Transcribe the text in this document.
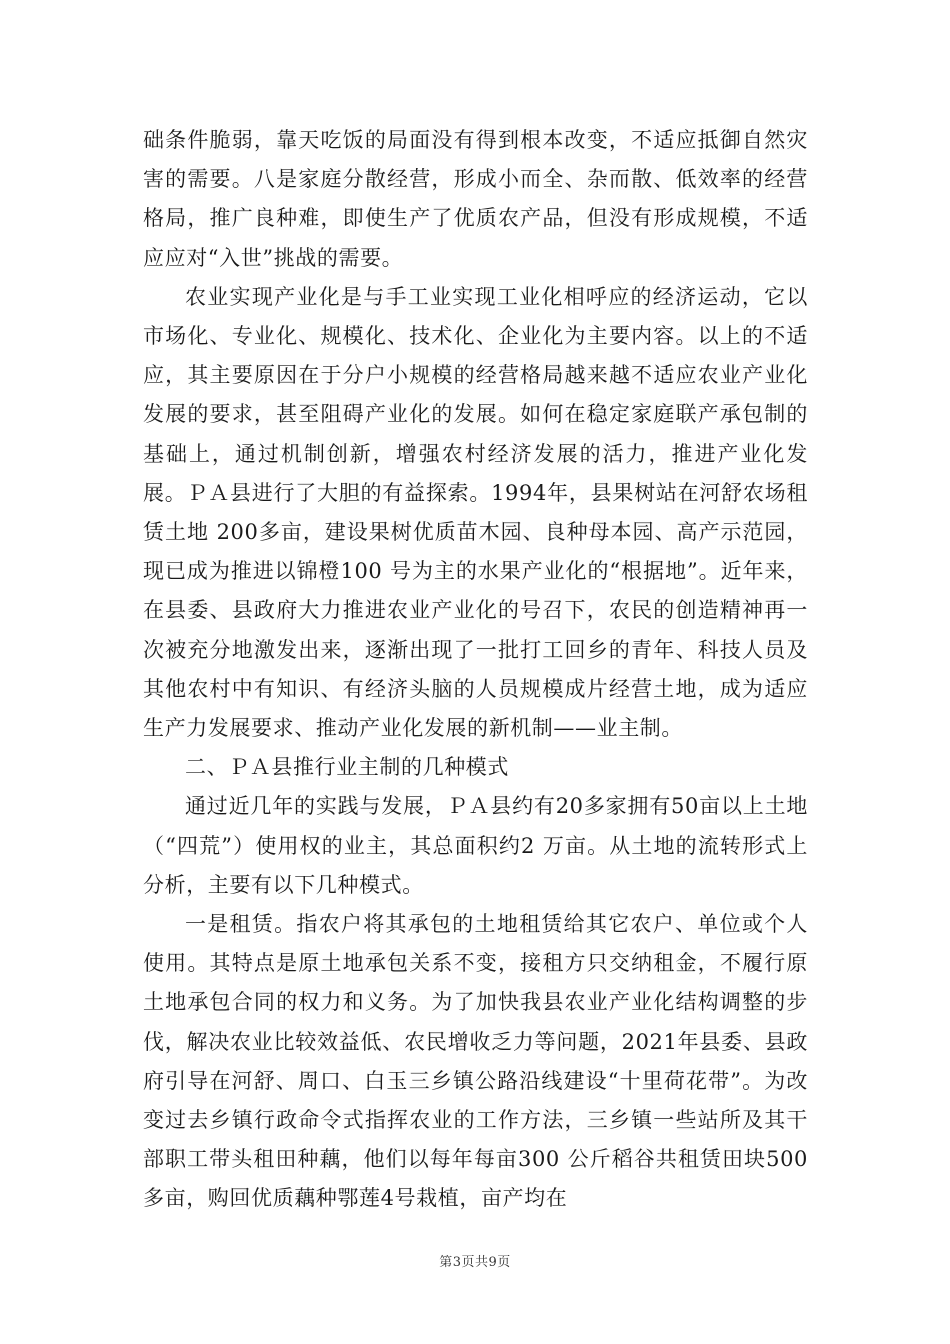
础条件脆弱，靠天吃饭的局面没有得到根本改变，不适应抵御自然灾害的需要。八是家庭分散经营，形成小而全、杂而散、低效率的经营格局，推广良种难，即使生产了优质农产品，但没有形成规模，不适应应对“入世”挑战的需要。

农业实现产业化是与手工业实现工业化相呼应的经济运动，它以市场化、专业化、规模化、技术化、企业化为主要内容。以上的不适应，其主要原因在于分户小规模的经营格局越来越不适应农业产业化发展的要求，甚至阻碍产业化的发展。如何在稳定家庭联产承包制的基础上，通过机制创新，增强农村经济发展的活力，推进产业化发展。ＰＡ县进行了大胆的有益探索。1994年，县果树站在河舒农场租赁土地 200多亩，建设果树优质苗木园、良种母本园、高产示范园，现已成为推进以锦橙100 号为主的水果产业化的“根据地”。近年来，在县委、县政府大力推进农业产业化的号召下，农民的创造精神再一次被充分地激发出来，逐渐出现了一批打工回乡的青年、科技人员及其他农村中有知识、有经济头脑的人员规模成片经营土地，成为适应生产力发展要求、推动产业化发展的新机制——业主制。

二、ＰＡ县推行业主制的几种模式

通过近几年的实践与发展，ＰＡ县约有20多家拥有50亩以上土地（“四荒”）使用权的业主，其总面积约2 万亩。从土地的流转形式上分析，主要有以下几种模式。

一是租赁。指农户将其承包的土地租赁给其它农户、单位或个人使用。其特点是原土地承包关系不变，接租方只交纳租金，不履行原土地承包合同的权力和义务。为了加快我县农业产业化结构调整的步伐，解决农业比较效益低、农民增收乏力等问题，2021年县委、县政府引导在河舒、周口、白玉三乡镇公路沿线建设“十里荷花带”。为改变过去乡镇行政命令式指挥农业的工作方法，三乡镇一些站所及其干部职工带头租田种藕，他们以每年每亩300 公斤稻谷共租赁田块500多亩，购回优质藕种鄂莲4号栽植，亩产均在

第3页共9页
